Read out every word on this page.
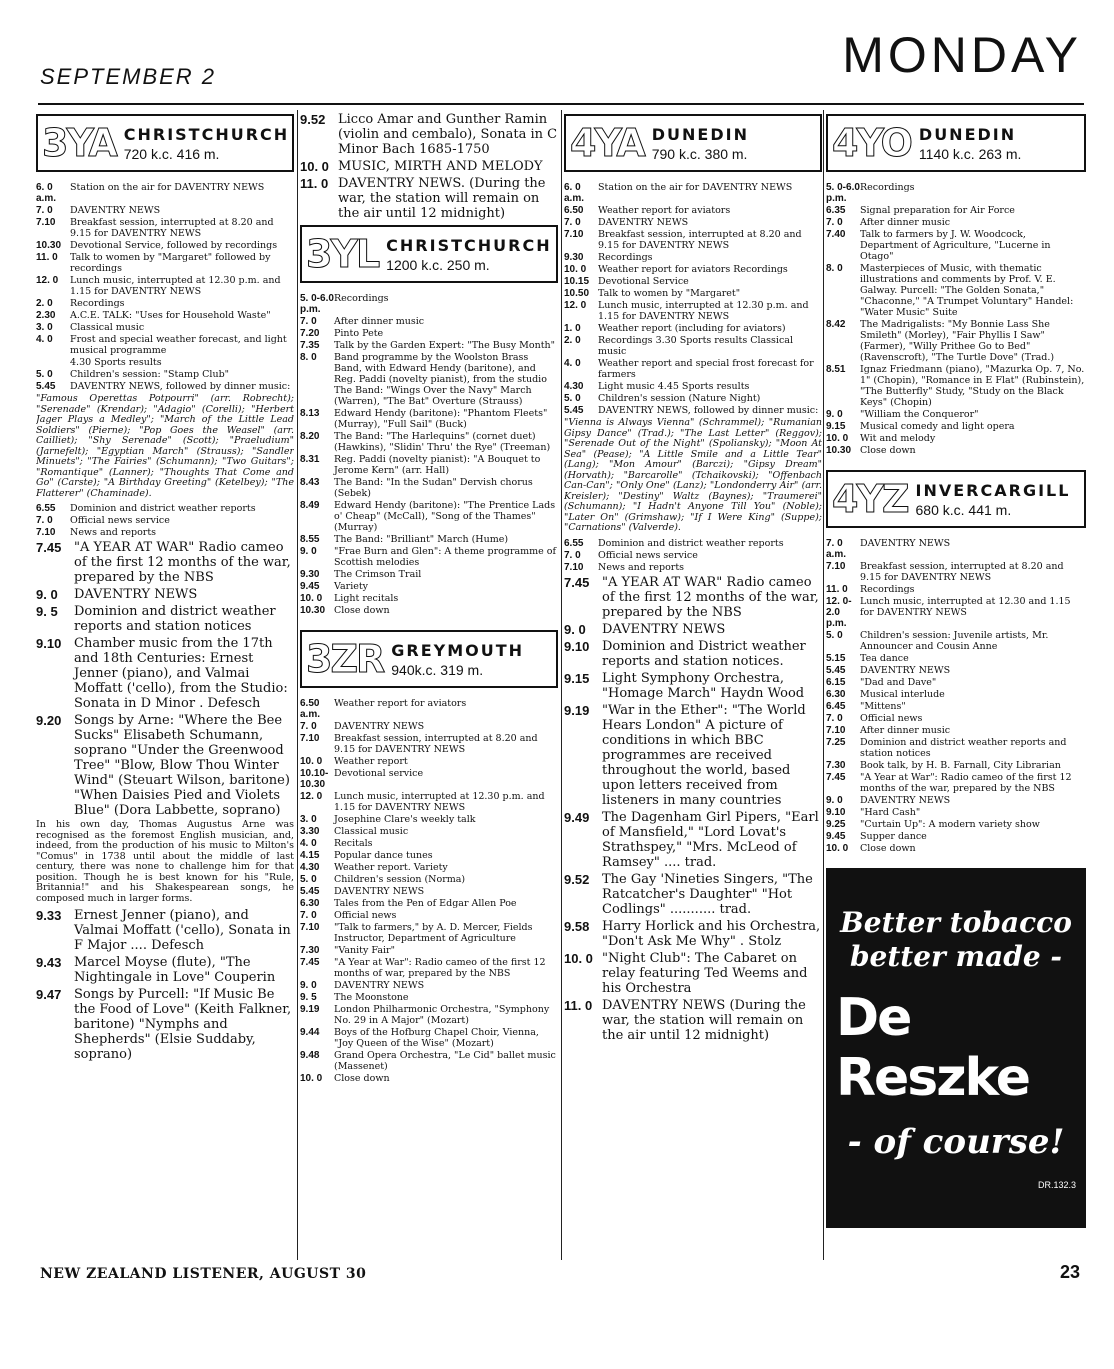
SEPTEMBER 2	MONDAY
3YA CHRISTCHURCH
720 k.c. 416 m.
6. 0 a.m.
Station on the air for DAVENTRY NEWS
7. 0	DAVENTRY NEWS
7.10	Breakfast session, interrupted at 8.20 and 9.15 for DAVENTRY NEWS
10.30 Devotional Service, followed by recordings
11. 0	Talk to women by "Margaret" followed by recordings
12. 0	Lunch music, interrupted at 12.30 p.m. and 1.15 for DAVENTRY NEWS
2. 0	Recordings
2.30	A.C.E. TALK: "Uses for Household Waste"
3. 0	Classical music
4. 0	Frost and special weather forecast, and light musical programme
4.30 Sports results
5. 0	Children's session: "Stamp Club"
5.45	DAVENTRY NEWS, followed by dinner music:
"Famous Operettas Potpourri" (arr. Robrecht); "Serenade" (Krendar); "Adagio" (Corelli); "Herbert Jager Plays a Medley"; "March of the Little Lead Soldiers" (Pierne); "Pop Goes the Weasel" (arr. Cailliet); "Shy Serenade" (Scott); "Praeludium" (Jarnefelt); "Egyptian March" (Strauss); "Sandler Minuets"; "The Fairies" (Schumann); "Two Guitars"; "Romantique" (Lanner); "Thoughts That Come and Go" (Carste); "A Birthday Greeting" (Ketelbey); "The Flatterer" (Chaminade).
6.55	Dominion and district weather reports
7. 0	Official news service
7.10	News and reports
7.45 "A YEAR AT WAR" Radio cameo of the first 12 months of the war, prepared by the NBS
9. 0	DAVENTRY NEWS
9. 5	Dominion and district weather reports and station notices
9.10 Chamber music from the 17th and 18th Centuries: Ernest Jenner (piano), and Valmai Moffatt ('cello), from the Studio: Sonata in D Minor . Defesch
9.20 Songs by Arne: "Where the Bee Sucks" Elisabeth Schumann, soprano "Under the Greenwood Tree" "Blow, Blow Thou Winter Wind" (Steuart Wilson, baritone) "When Daisies Pied and Violets Blue" (Dora Labbette, soprano)
In his own day, Thomas Augustus Arne was recognised as the foremost English musician, and, indeed, from the production of his music to Milton's "Comus" in 1738 until about the middle of last century, there was none to challenge him for that position. Though he is best known for his "Rule, Britannia!" and his Shakespearean songs, he composed much in larger forms.
9.33 Ernest Jenner (piano), and Valmai Moffatt ('cello), Sonata in F Major .... Defesch
9.43 Marcel Moyse (flute), "The Nightingale in Love" Couperin
9.47 Songs by Purcell: "If Music Be the Food of Love" (Keith Falkner, baritone) "Nymphs and Shepherds" (Elsie Suddaby, soprano)
9.52 Licco Amar and Gunther Ramin (violin and cembalo), Sonata in C Minor Bach 1685-1750
10. 0 MUSIC, MIRTH AND MELODY
11. 0 DAVENTRY NEWS. (During the war, the station will remain on the air until 12 midnight)
3YL CHRISTCHURCH
1200 k.c. 250 m.
5. 0-6.0 p.m.
Recordings
7. 0	After dinner music
7.20	Pinto Pete
7.35	Talk by the Garden Expert: "The Busy Month"
8. 0	Band programme by the Woolston Brass Band, with Edward Hendy (baritone), and Reg. Paddi (novelty pianist), from the studio The Band: "Wings Over the Navy" March (Warren), "The Bat" Overture (Strauss)
8.13	Edward Hendy (baritone): "Phantom Fleets" (Murray), "Full Sail" (Buck)
8.20	The Band: "The Harlequins" (cornet duet) (Hawkins), "Slidin' Thru' the Rye" (Treeman)
8.31	Reg. Paddi (novelty pianist): "A Bouquet to Jerome Kern" (arr. Hall)
8.43	The Band: "In the Sudan" Dervish chorus (Sebek)
8.49	Edward Hendy (baritone): "The Prentice Lads o' Cheap" (McCall), "Song of the Thames" (Murray)
8.55	The Band: "Brilliant" March (Hume)
9. 0	"Frae Burn and Glen": A theme programme of Scottish melodies
9.30	The Crimson Trail
9.45	Variety
10. 0	Light recitals
10.30 Close down
3ZR GREYMOUTH
940k.c. 319 m.
6.50 a.m.
Weather report for aviators
7. 0	DAVENTRY NEWS
7.10	Breakfast session, interrupted at 8.20 and 9.15 for DAVENTRY NEWS
10. 0	Weather report
10.10-10.30
Devotional service
12. 0	Lunch music, interrupted at 12.30 p.m. and 1.15 for DAVENTRY NEWS
3. 0	Josephine Clare's weekly talk
3.30	Classical music
4. 0	Recitals
4.15	Popular dance tunes
4.30	Weather report. Variety
5. 0	Children's session (Norma)
5.45	DAVENTRY NEWS
6.30	Tales from the Pen of Edgar Allen Poe
7. 0	Official news
7.10	"Talk to farmers," by A. D. Mercer, Fields Instructor, Department of Agriculture
7.30	"Vanity Fair"
7.45	"A Year at War": Radio cameo of the first 12 months of war, prepared by the NBS
9. 0	DAVENTRY NEWS
9. 5	The Moonstone
9.19	London Philharmonic Orchestra, "Symphony No. 29 in A Major" (Mozart)
9.44	Boys of the Hofburg Chapel Choir, Vienna, "Joy Queen of the Wise" (Mozart)
9.48	Grand Opera Orchestra, "Le Cid" ballet music (Massenet)
10. 0	Close down
4YA DUNEDIN
790 k.c. 380 m.
6. 0 a.m.
Station on the air for DAVENTRY NEWS
6.50	Weather report for aviators
7. 0	DAVENTRY NEWS
7.10	Breakfast session, interrupted at 8.20 and 9.15 for DAVENTRY NEWS
9.30	Recordings
10. 0	Weather report for aviators Recordings
10.15 Devotional Service
10.50 Talk to women by "Margaret"
12. 0	Lunch music, interrupted at 12.30 p.m. and 1.15 for DAVENTRY NEWS
1. 0	Weather report (including for aviators)
2. 0	Recordings 3.30 Sports results Classical music
4. 0	Weather report and special frost forecast for farmers
4.30	Light music 4.45 Sports results
5. 0	Children's session (Nature Night)
5.45	DAVENTRY NEWS, followed by dinner music:
"Vienna is Always Vienna" (Schrammel); "Rumanian Gipsy Dance" (Trad.); "The Last Letter" (Reggov); "Serenade Out of the Night" (Spoliansky); "Moon At Sea" (Pease); "A Little Smile and a Little Tear" (Lang); "Mon Amour" (Barczi); "Gipsy Dream" (Horvath); "Barcarolle" (Tchaikovski); "Offenbach Can-Can"; "Only One" (Lanz); "Londonderry Air" (arr. Kreisler); "Destiny" Waltz (Baynes); "Traumerei" (Schumann); "I Hadn't Anyone Till You" (Noble); "Later On" (Grimshaw); "If I Were King" (Suppe); "Carnations" (Valverde).
6.55	Dominion and district weather reports
7. 0	Official news service
7.10	News and reports
7.45 "A YEAR AT WAR" Radio cameo of the first 12 months of the war, prepared by the NBS
9. 0	DAVENTRY NEWS
9.10 Dominion and District weather reports and station notices.
9.15 Light Symphony Orchestra, "Homage March" Haydn Wood
9.19 "War in the Ether": "The World Hears London" A picture of conditions in which BBC programmes are received throughout the world, based upon letters received from listeners in many countries
9.49 The Dagenham Girl Pipers, "Earl of Mansfield," "Lord Lovat's Strathspey," "Mrs. McLeod of Ramsey" .... trad.
9.52 The Gay 'Nineties Singers, "The Ratcatcher's Daughter" "Hot Codlings" ........... trad.
9.58 Harry Horlick and his Orchestra, "Don't Ask Me Why" . Stolz
10. 0 "Night Club": The Cabaret on relay featuring Ted Weems and his Orchestra
11. 0 DAVENTRY NEWS (During the war, the station will remain on the air until 12 midnight)
4YO DUNEDIN
1140 k.c. 263 m.
5. 0-6.0 p.m.
Recordings
6.35	Signal preparation for Air Force
7. 0	After dinner music
7.40	Talk to farmers by J. W. Woodcock, Department of Agriculture, "Lucerne in Otago"
8. 0	Masterpieces of Music, with thematic illustrations and comments by Prof. V. E. Galway. Purcell: "The Golden Sonata," "Chaconne," "A Trumpet Voluntary" Handel: "Water Music" Suite
8.42	The Madrigalists: "My Bonnie Lass She Smileth" (Morley), "Fair Phyllis I Saw" (Farmer), "Willy Prithee Go to Bed" (Ravenscroft), "The Turtle Dove" (Trad.)
8.51	Ignaz Friedmann (piano), "Mazurka Op. 7, No. 1" (Chopin), "Romance in E Flat" (Rubinstein), "The Butterfly" Study, "Study on the Black Keys" (Chopin)
9. 0	"William the Conqueror"
9.15	Musical comedy and light opera
10. 0	Wit and melody
10.30 Close down
4YZ INVERCARGILL
680 k.c. 441 m.
7. 0 a.m.
DAVENTRY NEWS
7.10	Breakfast session, interrupted at 8.20 and 9.15 for DAVENTRY NEWS
11. 0	Recordings
12. 0-2.0 p.m.
Lunch music, interrupted at 12.30 and 1.15 for DAVENTRY NEWS
5. 0	Children's session: Juvenile artists, Mr. Announcer and Cousin Anne
5.15	Tea dance
5.45	DAVENTRY NEWS
6.15	"Dad and Dave"
6.30	Musical interlude
6.45	"Mittens"
7. 0	Official news
7.10	After dinner music
7.25	Dominion and district weather reports and station notices
7.30	Book talk, by H. B. Farnall, City Librarian
7.45	"A Year at War": Radio cameo of the first 12 months of the war, prepared by the NBS
9. 0	DAVENTRY NEWS
9.10	"Hard Cash"
9.25	"Curtain Up": A modern variety show
9.45	Supper dance
10. 0	Close down
Better tobacco
better made -
De Reszke
- of course!
DR.132.3
NEW ZEALAND LISTENER, AUGUST 30	23
